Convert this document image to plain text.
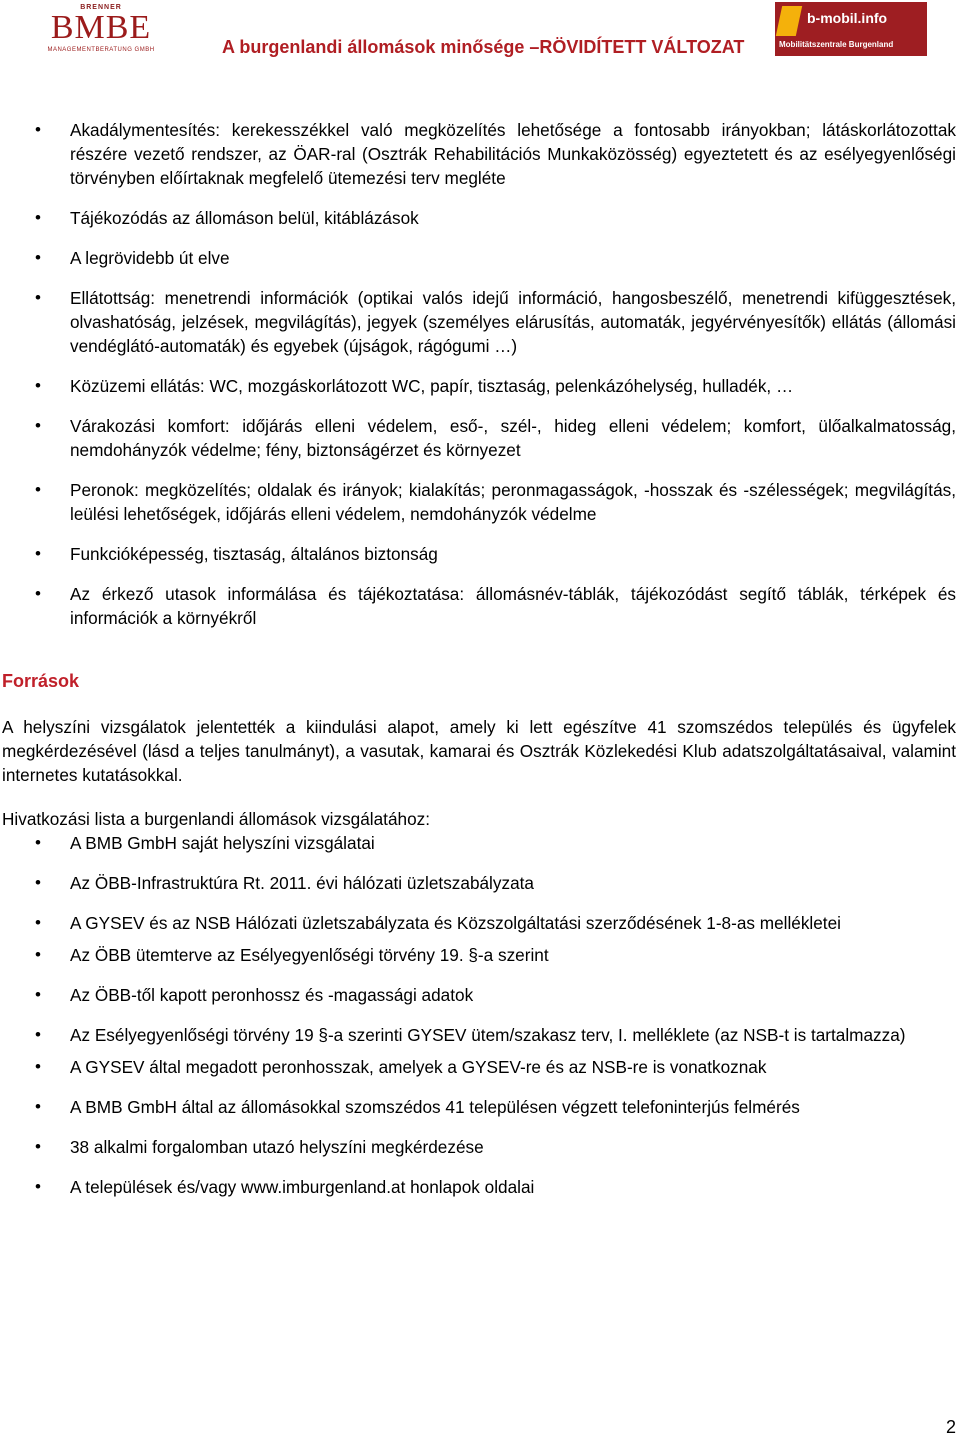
BRENNER
BMBE
MANAGEMENTBERATUNG GMBH	A burgenlandi állomások minősége –RÖVIDÍTETT VÁLTOZAT
b-mobil.info
Mobilitätszentrale Burgenland
• Akadálymentesítés: kerekesszékkel való megközelítés lehetősége a fontosabb irányokban; látáskorlátozottak részére vezető rendszer, az ÖAR-ral (Osztrák Rehabilitációs Munkaközösség) egyeztetett és az esélyegyenlőségi törvényben előírtaknak megfelelő ütemezési terv megléte
• Tájékozódás az állomáson belül, kitáblázások
• A legrövidebb út elve
• Ellátottság: menetrendi információk (optikai valós idejű információ, hangosbeszélő, menetrendi kifüggesztések, olvashatóság, jelzések, megvilágítás), jegyek (személyes elárusítás, automaták, jegyérvényesítők) ellátás (állomási vendéglátó-automaták) és egyebek (újságok, rágógumi …)
• Közüzemi ellátás: WC, mozgáskorlátozott WC, papír, tisztaság, pelenkázóhelység, hulladék, …
• Várakozási komfort: időjárás elleni védelem, eső-, szél-, hideg elleni védelem; komfort, ülőalkalmatosság, nemdohányzók védelme; fény, biztonságérzet és környezet
• Peronok: megközelítés; oldalak és irányok; kialakítás; peronmagasságok, -hosszak és -szélességek; megvilágítás, leülési lehetőségek, időjárás elleni védelem, nemdohányzók védelme
• Funkcióképesség, tisztaság, általános biztonság
• Az érkező utasok informálása és tájékoztatása: állomásnév-táblák, tájékozódást segítő táblák, térképek és információk a környékről
Források

A helyszíni vizsgálatok jelentették a kiindulási alapot, amely ki lett egészítve 41 szomszédos település és ügyfelek megkérdezésével (lásd a teljes tanulmányt), a vasutak, kamarai és Osztrák Közlekedési Klub adatszolgáltatásaival, valamint internetes kutatásokkal.

Hivatkozási lista a burgenlandi állomások vizsgálatához:

• A BMB GmbH saját helyszíni vizsgálatai
• Az ÖBB-Infrastruktúra Rt. 2011. évi hálózati üzletszabályzata
• A GYSEV és az NSB Hálózati üzletszabályzata és Közszolgáltatási szerződésének 1-8-as mellékletei
• Az ÖBB ütemterve az Esélyegyenlőségi törvény 19. §-a szerint
• Az ÖBB-től kapott peronhossz és -magassági adatok
• Az Esélyegyenlőségi törvény 19 §-a szerinti GYSEV ütem/szakasz terv, I. melléklete (az NSB-t is tartalmazza)
• A GYSEV által megadott peronhosszak, amelyek a GYSEV-re és az NSB-re is vonatkoznak
• A BMB GmbH által az állomásokkal szomszédos 41 településen végzett telefoninterjús felmérés
• 38 alkalmi forgalomban utazó helyszíni megkérdezése
• A települések és/vagy www.imburgenland.at honlapok oldalai
2
